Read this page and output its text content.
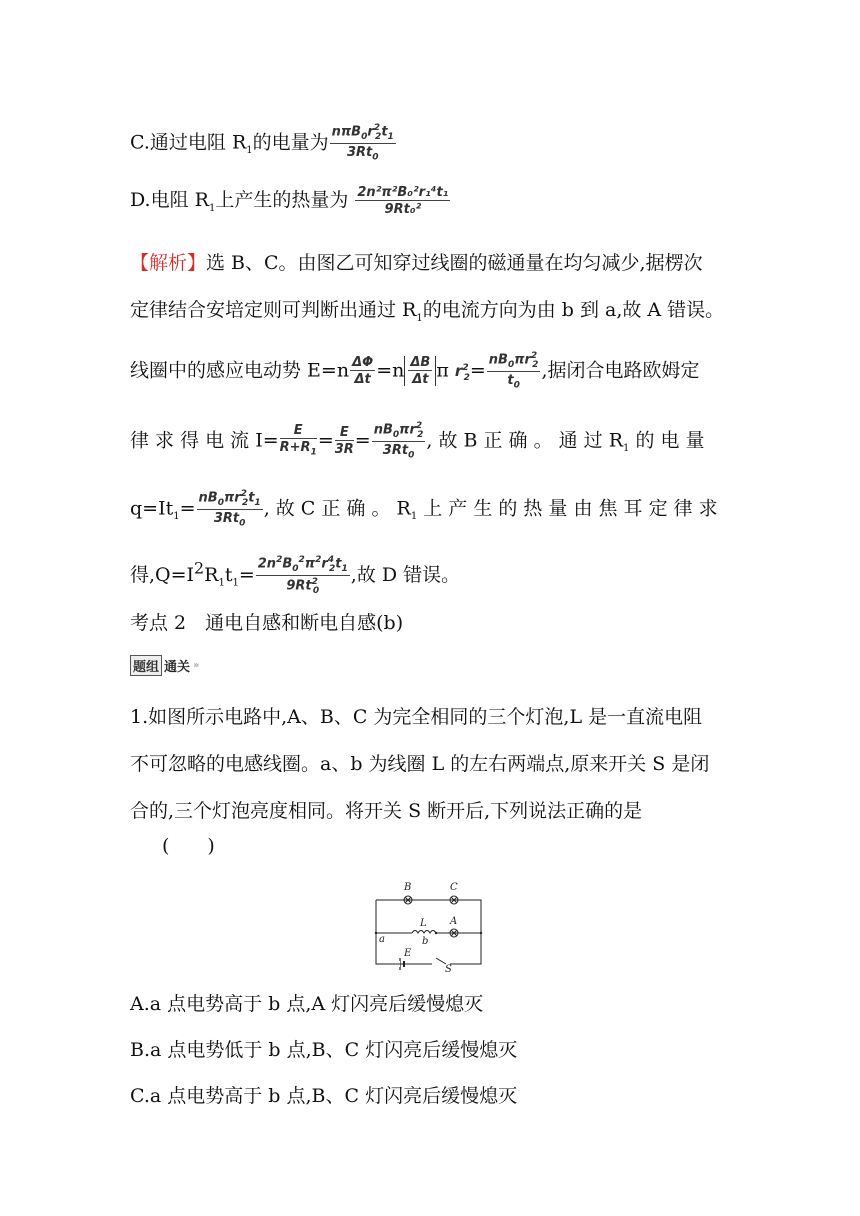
C.通过电阻 $R_1$的电量为 $\frac{n\pi B_0r^2_2t_1}{3Rt_0}$
D.电阻 $R_1$上产生的热量为 $\frac{\text{2n²π²B₀²r₁⁴t₁}}{\text{9Rt₀²}}$
【解析】选 B、C。由图乙可知穿过线圈的磁通量在均匀减少,据楞次
定律结合安培定则可判断出通过 $R_1$的电流方向为由 b 到 a,故 A 错误。
线圈中的感应电动势 $E=n \frac{\Delta\Phi}{\Delta t} =n \frac{\Delta B}{\Delta t}$ π $r^2_2= \frac{nB_0\pi r^2_2}{t_0}$ ,据闭合电路欧姆定
律 求 得 电 流 $I= \frac{E}{R+R_1} = \frac{E}{3R} = \frac{nB_0\pi r^2_2}{3Rt_0}$ , 故 B 正 确 。 通 过 $R_1$ 的 电 量
$q=It_1= \frac{nB_0\pi r^2_2t_1}{3Rt_0}$ , 故 C 正 确 。 $R_1$ 上 产 生 的 热 量 由 焦 耳 定 律 求
得$,Q=I^2R_1t_1= \frac{2n^2B_0^2\pi^2r^4_2t_1}{9Rt^2_0}$ ,故 D 错误。
考点 2　通电自感和断电自感(b)
题组 通关 »
1.如图所示电路中,A、B、C 为完全相同的三个灯泡,L 是一直流电阻
不可忽略的电感线圈。a、b 为线圈 L 的左右两端点,原来开关 S 是闭
合的,三个灯泡亮度相同。将开关 S 断开后,下列说法正确的是
(　　)
B	C
L A
a	b
E
S
A.a 点电势高于 b 点,A 灯闪亮后缓慢熄灭
B.a 点电势低于 b 点,B、C 灯闪亮后缓慢熄灭
C.a 点电势高于 b 点,B、C 灯闪亮后缓慢熄灭
